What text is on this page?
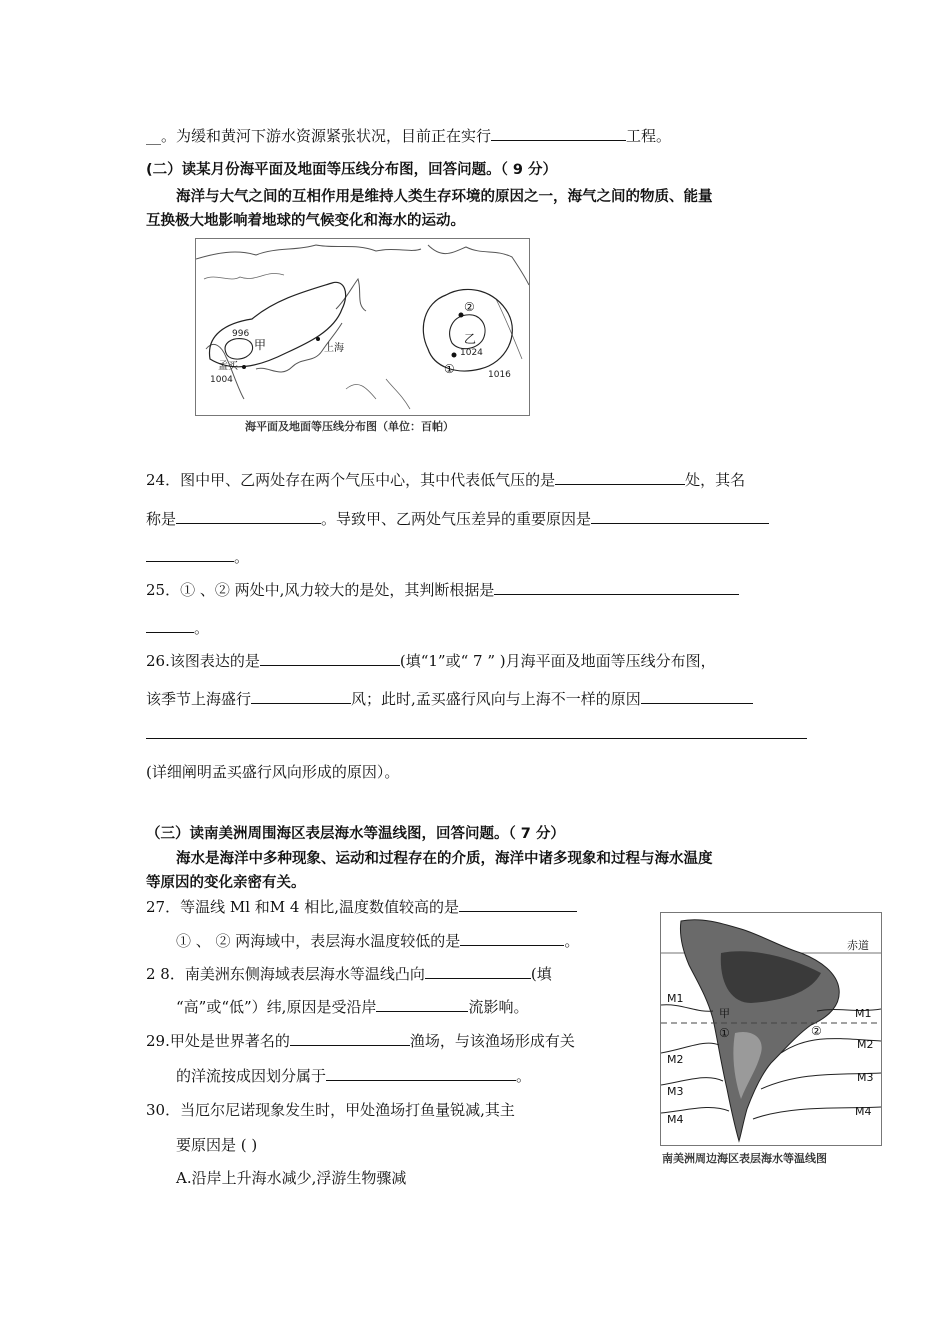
__。为缓和黄河下游水资源紧张状况，目前正在实行	工程。
(二）读某月份海平面及地面等压线分布图，回答问题。（ 9 分）
海洋与大气之间的互相作用是维持人类生存环境的原因之一，海气之间的物质、能量
互换极大地影响着地球的气候变化和海水的运动。
996
甲
孟买
1004
上海
②
乙
1024
①	1016
海平面及地面等压线分布图（单位：百帕）
24．图中甲、乙两处存在两个气压中心，其中代表低气压的是	处，其名
称是	。导致甲、乙两处气压差异的重要原因是
。
25．① 、② 两处中,风力较大的是处，其判断根据是
。
26.该图表达的是	(填“1”或“ 7 ” )月海平面及地面等压线分布图，
该季节上海盛行	风；此时,孟买盛行风向与上海不一样的原因
(详细阐明孟买盛行风向形成的原因）。
（三）读南美洲周围海区表层海水等温线图，回答问题。（ 7 分）
海水是海洋中多种现象、运动和过程存在的介质，海洋中诸多现象和过程与海水温度
等原因的变化亲密有关。
27．等温线 Ml 和M 4 相比,温度数值较高的是
① 、 ② 两海域中，表层海水温度较低的是	。
2 8．南美洲东侧海域表层海水等温线凸向	(填
“高”或“低”）纬,原因是受沿岸	流影响。
29.甲处是世界著名的	渔场，与该渔场形成有关
的洋流按成因划分属于	。
30．当厄尔尼诺现象发生时，甲处渔场打鱼量锐减,其主
要原因是 ( )
A.沿岸上升海水减少,浮游生物骤减
赤道
M1
M1
M2
M2
M3
M3
M4
M4
甲
①	②
南美洲周边海区表层海水等温线图
